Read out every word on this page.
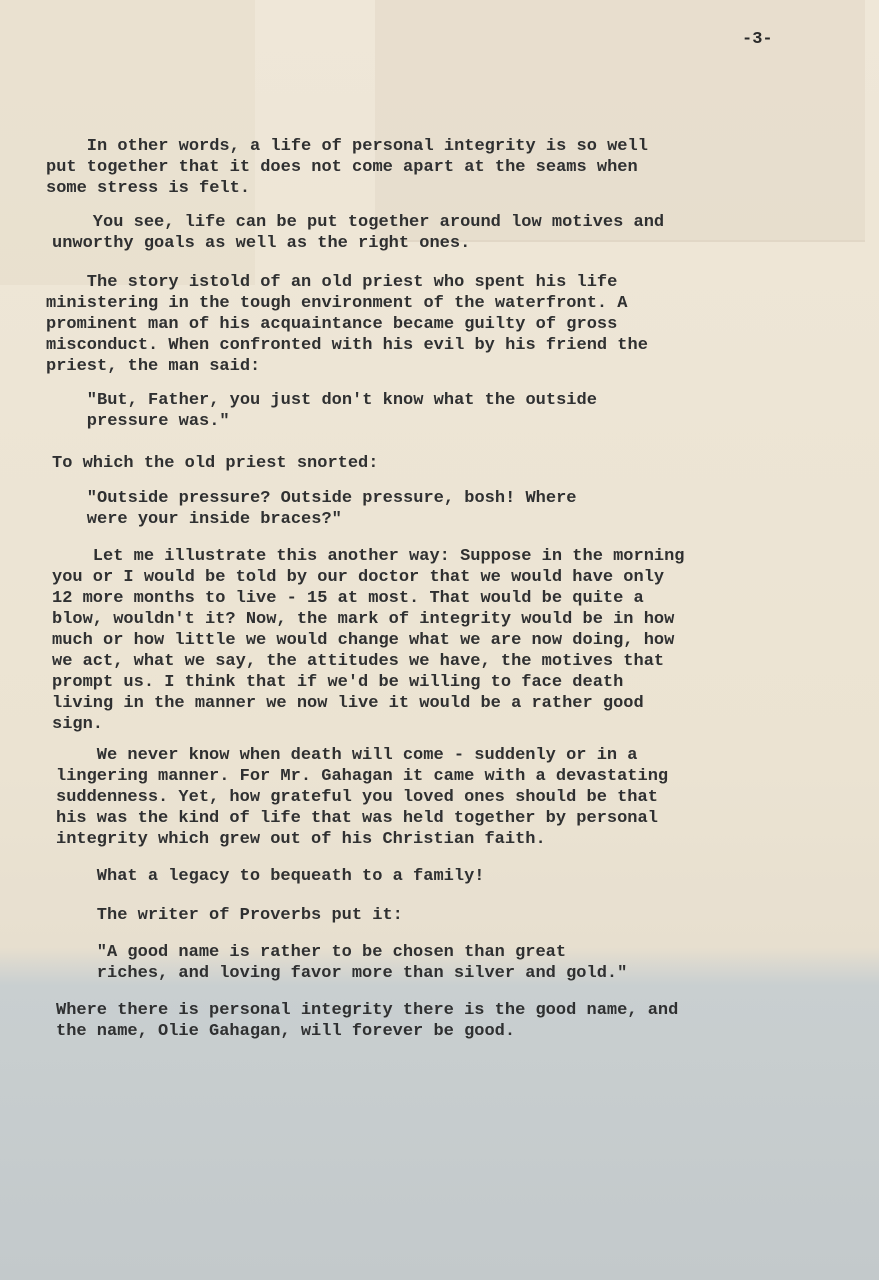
-3-

In other words, a life of personal integrity is so well
put together that it does not come apart at the seams when
some stress is felt.

You see, life can be put together around low motives and
unworthy goals as well as the right ones.

The story istold of an old priest who spent his life
ministering in the tough environment of the waterfront. A
prominent man of his acquaintance became guilty of gross
misconduct. When confronted with his evil by his friend the
priest, the man said:

"But, Father, you just don't know what the outside
pressure was."

To which the old priest snorted:

"Outside pressure? Outside pressure, bosh! Where
were your inside braces?"

Let me illustrate this another way: Suppose in the morning
you or I would be told by our doctor that we would have only
12 more months to live - 15 at most. That would be quite a
blow, wouldn't it? Now, the mark of integrity would be in how
much or how little we would change what we are now doing, how
we act, what we say, the attitudes we have, the motives that
prompt us. I think that if we'd be willing to face death
living in the manner we now live it would be a rather good
sign.

We never know when death will come - suddenly or in a
lingering manner. For Mr. Gahagan it came with a devastating
suddenness. Yet, how grateful you loved ones should be that
his was the kind of life that was held together by personal
integrity which grew out of his Christian faith.

What a legacy to bequeath to a family!

The writer of Proverbs put it:

"A good name is rather to be chosen than great
riches, and loving favor more than silver and gold."

Where there is personal integrity there is the good name, and
the name, Olie Gahagan, will forever be good.
